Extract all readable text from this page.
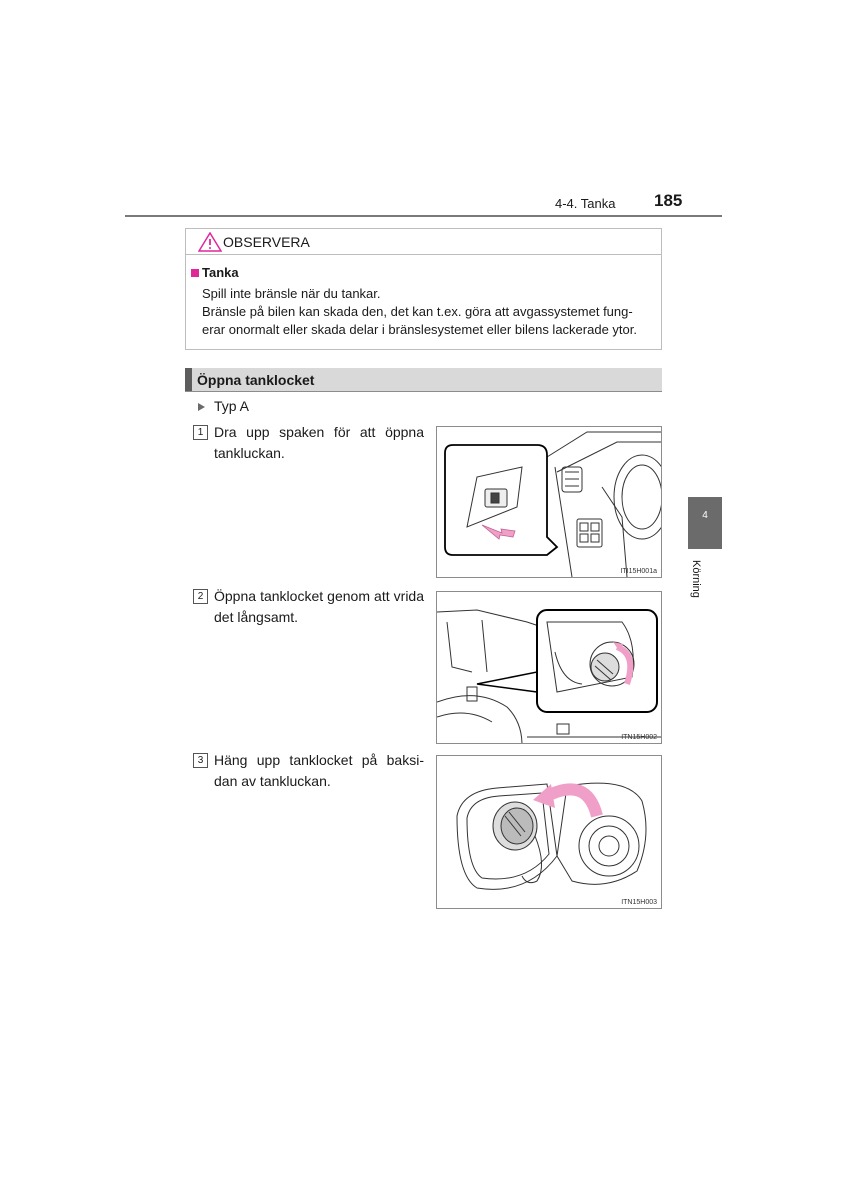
4-4. Tanka 185
OBSERVERA
Tanka
Spill inte bränsle när du tankar.
Bränsle på bilen kan skada den, det kan t.ex. göra att avgassystemet fung-
erar onormalt eller skada delar i bränslesystemet eller bilens lackerade ytor.
Öppna tanklocket
Typ A
1 Dra upp spaken för att öppna tankluckan.
2 Öppna tanklocket genom att vrida det långsamt.
3 Häng upp tanklocket på baksi-dan av tankluckan.
ITI15H001a
ITN15H002
ITN15H003
4
Körning
